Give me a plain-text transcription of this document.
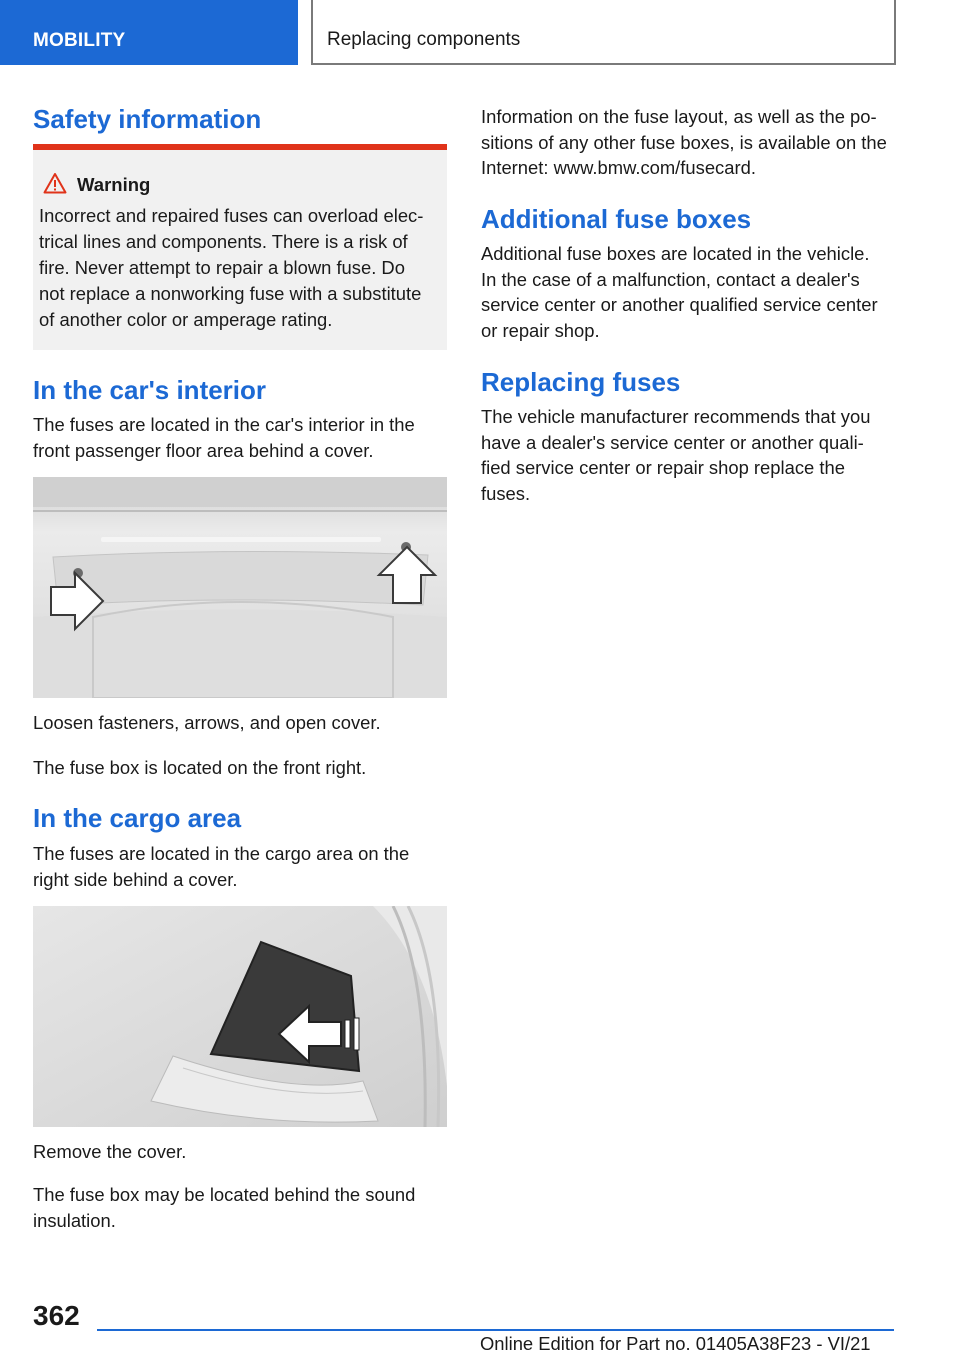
MOBILITY	Replacing components
Safety information
Warning
Incorrect and repaired fuses can overload elec‐
trical lines and components. There is a risk of
fire. Never attempt to repair a blown fuse. Do
not replace a nonworking fuse with a substitute
of another color or amperage rating.
In the car's interior
The fuses are located in the car's interior in the
front passenger floor area behind a cover.
Loosen fasteners, arrows, and open cover.
The fuse box is located on the front right.
In the cargo area
The fuses are located in the cargo area on the
right side behind a cover.
Remove the cover.
The fuse box may be located behind the sound
insulation.
Information on the fuse layout, as well as the po‐
sitions of any other fuse boxes, is available on the
Internet: www.bmw.com/fusecard.
Additional fuse boxes
Additional fuse boxes are located in the vehicle.
In the case of a malfunction, contact a dealer's
service center or another qualified service center
or repair shop.
Replacing fuses
The vehicle manufacturer recommends that you
have a dealer's service center or another quali‐
fied service center or repair shop replace the
fuses.
362
Online Edition for Part no. 01405A38F23 - VI/21
